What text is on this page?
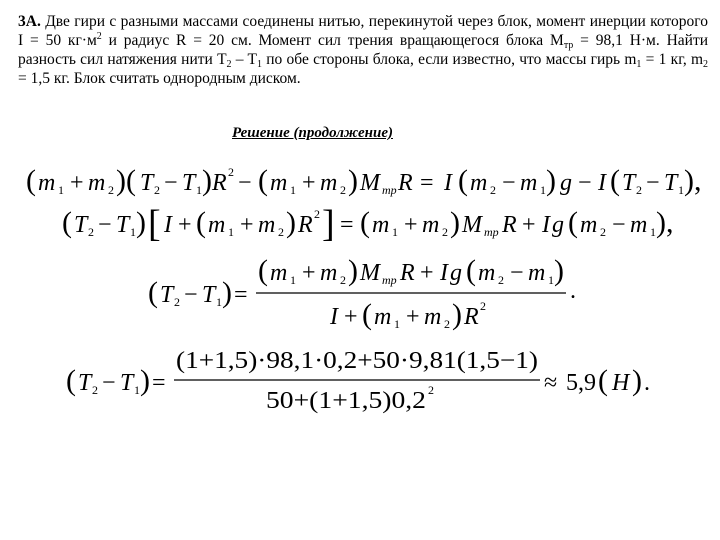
3А. Две гири с разными массами соединены нитью, перекинутой через блок, момент инерции которого I = 50 $кг\cdot м^2$ и радиус R = 20 см. Момент сил трения вращающегося блока $M_{тр} = 98,1$ Н·м. Найти разность сил натяжения нити $T_2 - T_1$ по обе стороны блока, если известно, что массы гирь $m_1 = 1$ кг, $m_2 = 1,5$ кг. Блок считать однородным диском.
Решение (продолжение)
( m 1 + m 2 )( T 2 − T 1 ) R 2 − ( m 1 + m 2 ) M тр R = I ( m 2 − m 1 ) g − I ( T 2 − T 1 ),
( T 2 − T 1 ) [ I + ( m 1 + m 2 ) R 2 ] = ( m 1 + m 2 ) M тр R + I g ( m 2 − m 1 ),
( T 2 − T 1 ) =
( m 1 + m 2 ) M тр R + I g ( m 2 − m 1 )
.
I + ( m 1 + m 2 ) R 2
( T 2 − T 1 ) =
(1+1,5)·98,1·0,2+50·9,81(1,5−1)
50+(1+1,5)0,2 2	≈ 5,9 ( H ) .
